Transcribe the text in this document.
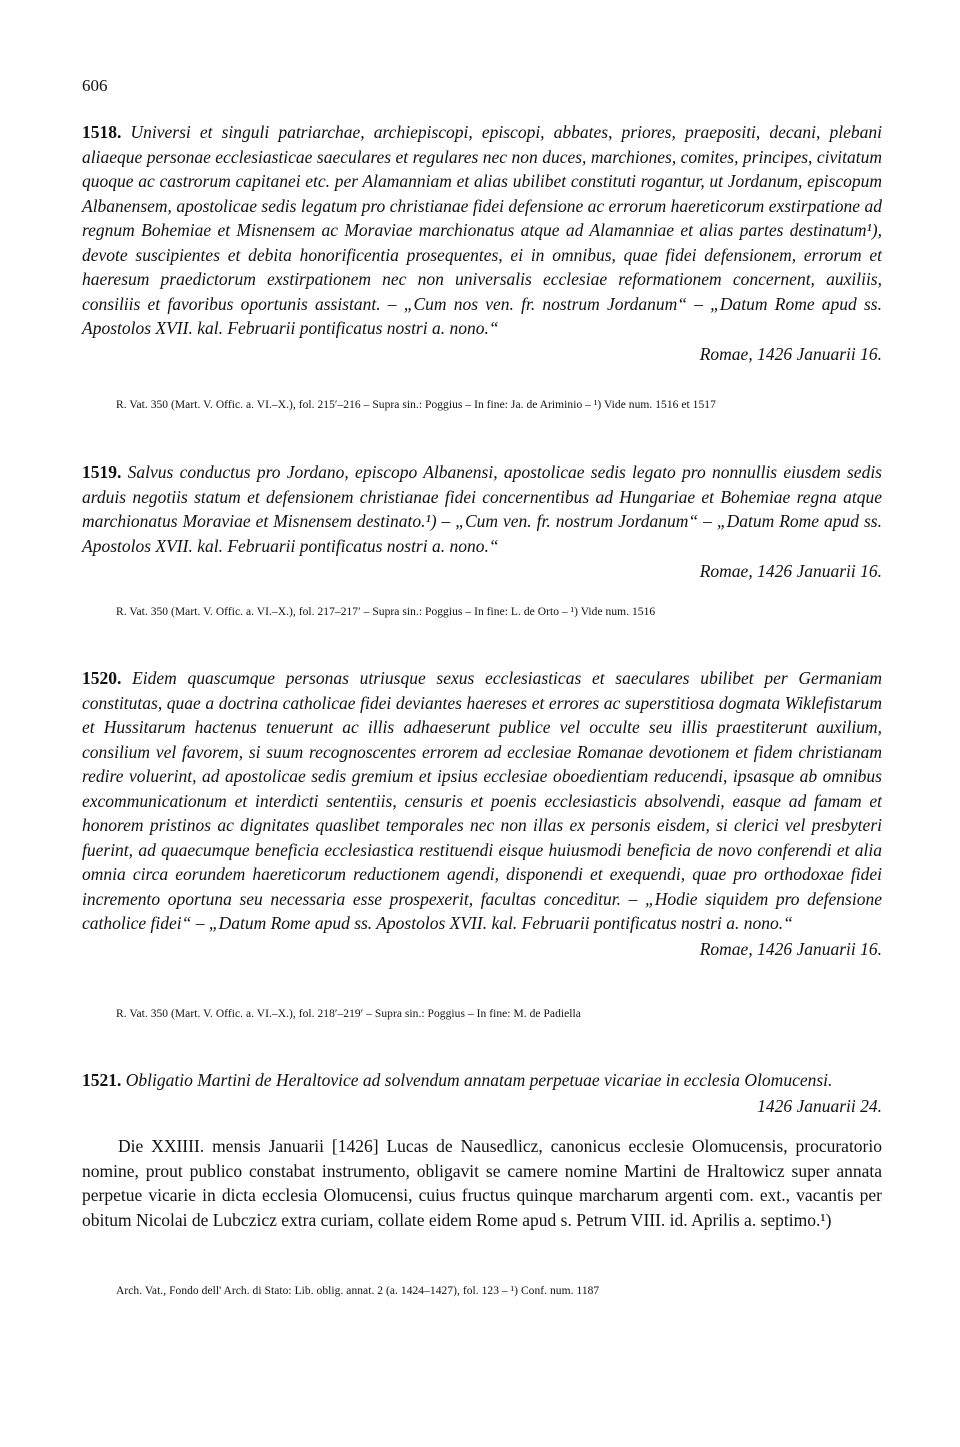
606

1518. Universi et singuli patriarchae, archiepiscopi, episcopi, abbates, priores, praepositi, decani, plebani aliaeque personae ecclesiasticae saeculares et regulares nec non duces, marchiones, comites, principes, civitatum quoque ac castrorum capitanei etc. per Alamanniam et alias ubilibet constituti rogantur, ut Jordanum, episcopum Albanensem, apostolicae sedis legatum pro christianae fidei defensione ac errorum haereticorum exstirpatione ad regnum Bohemiae et Misnensem ac Moraviae marchionatus atque ad Alamanniae et alias partes destinatum¹), devote suscipientes et debita honorificentia prosequentes, ei in omnibus, quae fidei defensionem, errorum et haeresum praedictorum exstirpationem nec non universalis ecclesiae reformationem concernent, auxiliis, consiliis et favoribus oportunis assistant. – „Cum nos ven. fr. nostrum Jordanum“ – „Datum Rome apud ss. Apostolos XVII. kal. Februarii pontificatus nostri a. nono.“

Romae, 1426 Januarii 16.
R. Vat. 350 (Mart. V. Offic. a. VI.–X.), fol. 215′–216 – Supra sin.: Poggius – In fine: Ja. de Ariminio – ¹) Vide num. 1516 et 1517

1519. Salvus conductus pro Jordano, episcopo Albanensi, apostolicae sedis legato pro nonnullis eiusdem sedis arduis negotiis statum et defensionem christianae fidei concernentibus ad Hungariae et Bohemiae regna atque marchionatus Moraviae et Misnensem destinato.¹) – „Cum ven. fr. nostrum Jordanum“ – „Datum Rome apud ss. Apostolos XVII. kal. Februarii pontificatus nostri a. nono.“

Romae, 1426 Januarii 16.
R. Vat. 350 (Mart. V. Offic. a. VI.–X.), fol. 217–217′ – Supra sin.: Poggius – In fine: L. de Orto – ¹) Vide num. 1516

1520. Eidem quascumque personas utriusque sexus ecclesiasticas et saeculares ubilibet per Germaniam constitutas, quae a doctrina catholicae fidei deviantes haereses et errores ac superstitiosa dogmata Wiklefistarum et Hussitarum hactenus tenuerunt ac illis adhaeserunt publice vel occulte seu illis praestiterunt auxilium, consilium vel favorem, si suum recognoscentes errorem ad ecclesiae Romanae devotionem et fidem christianam redire voluerint, ad apostolicae sedis gremium et ipsius ecclesiae oboedientiam reducendi, ipsasque ab omnibus excommunicationum et interdicti sententiis, censuris et poenis ecclesiasticis absolvendi, easque ad famam et honorem pristinos ac dignitates quaslibet temporales nec non illas ex personis eisdem, si clerici vel presbyteri fuerint, ad quaecumque beneficia ecclesiastica restituendi eisque huiusmodi beneficia de novo conferendi et alia omnia circa eorundem haereticorum reductionem agendi, disponendi et exequendi, quae pro orthodoxae fidei incremento oportuna seu necessaria esse prospexerit, facultas conceditur. – „Hodie siquidem pro defensione catholice fidei“ – „Datum Rome apud ss. Apostolos XVII. kal. Februarii pontificatus nostri a. nono.“

Romae, 1426 Januarii 16.
R. Vat. 350 (Mart. V. Offic. a. VI.–X.), fol. 218′–219′ – Supra sin.: Poggius – In fine: M. de Padiella

1521. Obligatio Martini de Heraltovice ad solvendum annatam perpetuae vicariae in ecclesia Olomucensi.

1426 Januarii 24.

Die XXIIII. mensis Januarii [1426] Lucas de Nausedlicz, canonicus ecclesie Olomucensis, procuratorio nomine, prout publico constabat instrumento, obligavit se camere nomine Martini de Hraltowicz super annata perpetue vicarie in dicta ecclesia Olomucensi, cuius fructus quinque marcharum argenti com. ext., vacantis per obitum Nicolai de Lubczicz extra curiam, collate eidem Rome apud s. Petrum VIII. id. Aprilis a. septimo.¹)

Arch. Vat., Fondo dell' Arch. di Stato: Lib. oblig. annat. 2 (a. 1424–1427), fol. 123 – ¹) Conf. num. 1187
